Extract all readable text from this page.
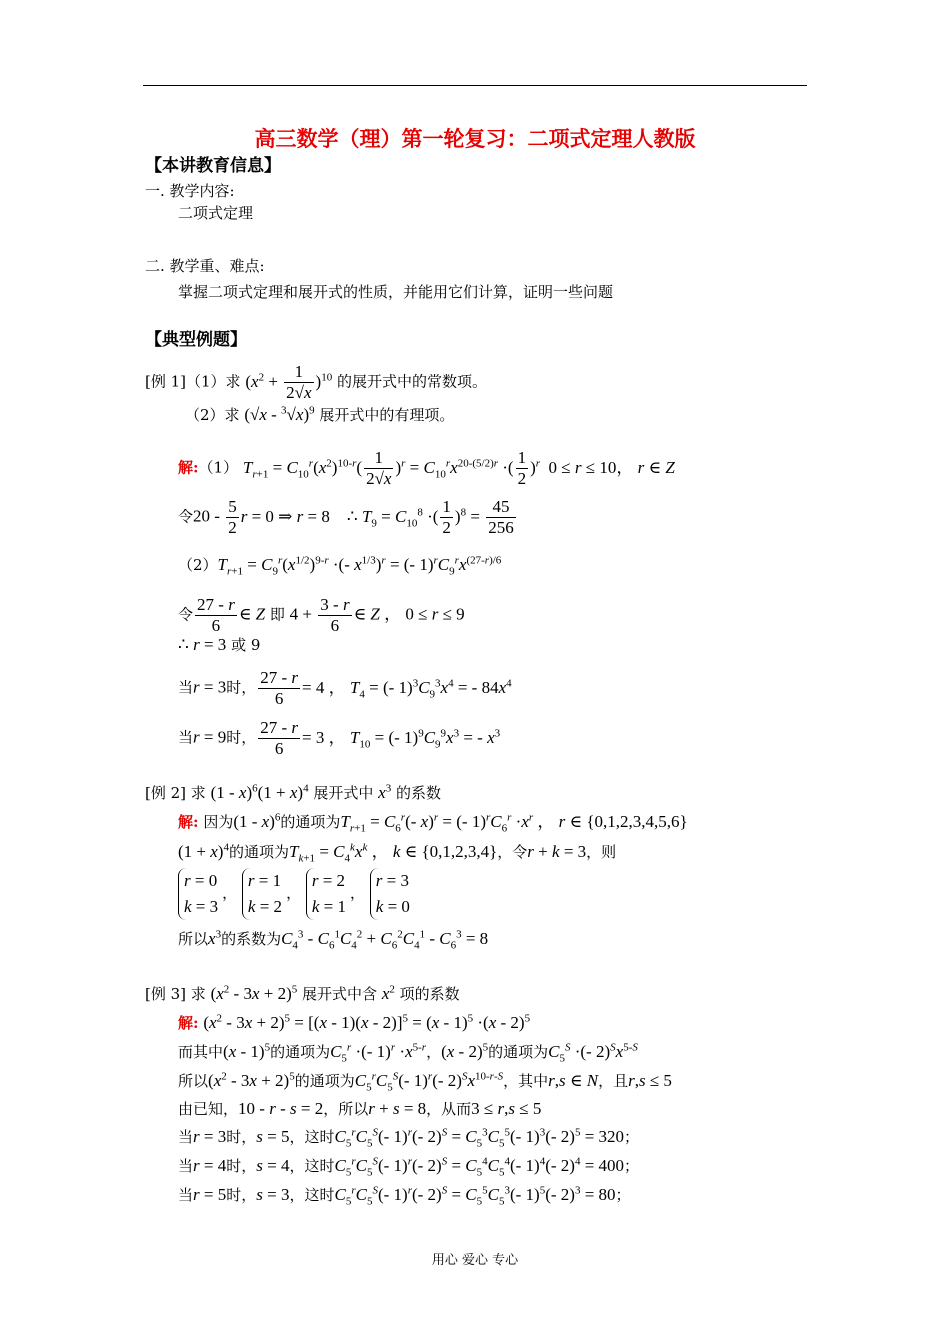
高三数学（理）第一轮复习：二项式定理人教版
【本讲教育信息】
一. 教学内容:
二项式定理
二. 教学重、难点:
掌握二项式定理和展开式的性质，并能用它们计算，证明一些问题
【典型例题】
[例 1]（1）求 $(x^2 + \frac{1}{2√x} )^{10}$ 的展开式中的常数项。
（2）求 (√x - $^3$√x)$^9$ 展开式中的有理项。
解:（1） $T_{r+1} = C_{10}^r(x^2)^{10-r}( \frac{1}{2√x} )^r = C_{10}^rx^{20-(5/2)r}$ ·( $\frac{1}{2} )^r$  0 ≤ r ≤ 10， r ∈ Z
令$20 - \frac{5}{2}$ r = 0 ⇒ r = 8    ∴ $T_9 = C_{10}^8$ ·( $\frac{1}{2} )^8 = \frac{45}{256}$
$(2)T_{r+1} = C_9^r(x^{1/2})^{9-r}$ ·(- $x^{1/3})^r$ = (- $1)^rC_9^rx^{(27-r)/6}$
令 $\frac{27 - r}{6}$ ∈ Z 即 $4 + \frac{3 - r}{6}$ ∈ Z ， 0 ≤ r ≤ 9
∴ r = 3 或 9
当r = 3时， $\frac{27 - r}{6} = 4$ ， $T_4$ = (- $1)^3C_9^3x^4$ = - $84x^4$
当r = 9时， $\frac{27 - r}{6} = 3$ ， $T_{10}$ = (- $1)^9C_9^9x^3$ = - $x^3$
[例 2] 求 $(1 - x)^6(1 + x)^4$ 展开式中 $x^3$ 的系数
解: 因为(1 - x)$^6$的通项为$T_{r+1} = C_6^r(-$ x)$^r$ = (- $1)^rC_6^r \cdot x^r$ ， r ∈ {0,1,2,3,4,5,6}
$(1 + x)^4$的通项为$T_{k+1} = C_4^kx^k$ ， k ∈ {0,1,2,3,4}，令r + k = 3，则
r = 0
k = 3
，
r = 1
k = 2
，
r = 2
k = 1
，
r = 3
k = 0
所以$x^3$的系数为$C_4^3 - C_6^1C_4^2 + C_6^2C_4^1 - C_6^3 = 8$
[例 3] 求 $(x^2 - 3x + 2)^5$ 展开式中含 $x^2$ 项的系数
解: $(x^2 - 3x + 2)^5 = [(x - 1)(x - 2)]^5 = (x - 1)^5 \cdot(x - 2)^5$
而其中(x - 1)$^5$的通项为$C_5^r$ ·(- $1)^r \cdot x^{5-r}$，(x - 2)$^5$的通项为$C_5^S$ ·(- $2)^Sx^{5-S}$
所以$(x^2 - 3x + 2)^5$的通项为$C_5^rC_5^S(-$ 1)$^r$(- $2)^Sx^{10-r-S}$，其中r,s ∈ N，且r,s ≤ 5
由已知，10 - r - s = 2，所以r + s = 8，从而3 ≤ r,s ≤ 5
当r = 3时，s = 5，这时$C_5^rC_5^S(-$ 1)$^r$(- $2)^S = C_5^3C_5^5(-$ 1)$^3$(- 2)$^5$ = 320；
当r = 4时，s = 4，这时$C_5^rC_5^S(-$ 1)$^r$(- $2)^S = C_5^4C_5^4(-$ 1)$^4$(- 2)$^4$ = 400；
当r = 5时，s = 3，这时$C_5^rC_5^S(-$ 1)$^r$(- $2)^S = C_5^5C_5^3(-$ 1)$^5$(- 2)$^3$ = 80；
用心 爱心 专心
